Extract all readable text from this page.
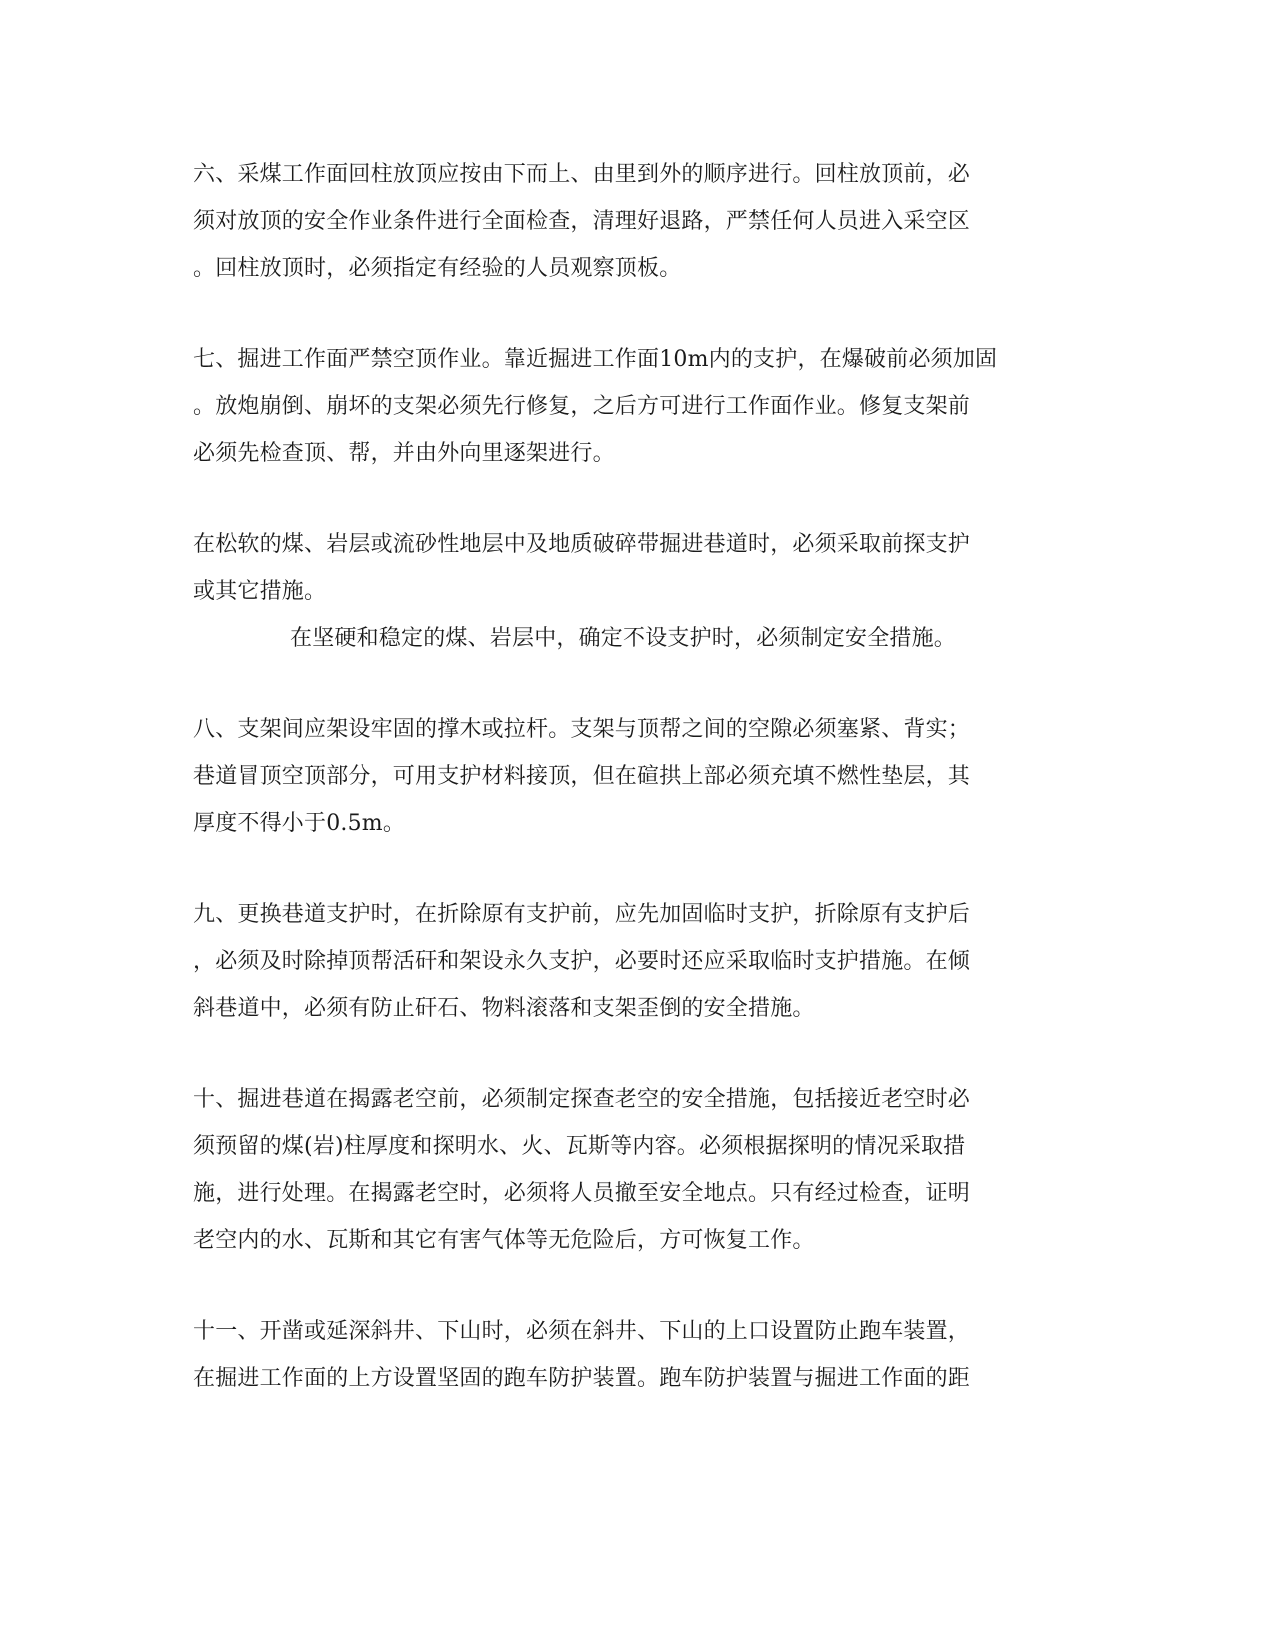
六、采煤工作面回柱放顶应按由下而上、由里到外的顺序进行。回柱放顶前，必
须对放顶的安全作业条件进行全面检查，清理好退路，严禁任何人员进入采空区
。回柱放顶时，必须指定有经验的人员观察顶板。
七、掘进工作面严禁空顶作业。靠近掘进工作面10m内的支护，在爆破前必须加固
。放炮崩倒、崩坏的支架必须先行修复，之后方可进行工作面作业。修复支架前
必须先检查顶、帮，并由外向里逐架进行。
在松软的煤、岩层或流砂性地层中及地质破碎带掘进巷道时，必须采取前探支护
或其它措施。
在坚硬和稳定的煤、岩层中，确定不设支护时，必须制定安全措施。
八、支架间应架设牢固的撑木或拉杆。支架与顶帮之间的空隙必须塞紧、背实；
巷道冒顶空顶部分，可用支护材料接顶，但在碹拱上部必须充填不燃性垫层，其
厚度不得小于0.5m。
九、更换巷道支护时，在折除原有支护前，应先加固临时支护，折除原有支护后
，必须及时除掉顶帮活矸和架设永久支护，必要时还应采取临时支护措施。在倾
斜巷道中，必须有防止矸石、物料滚落和支架歪倒的安全措施。
十、掘进巷道在揭露老空前，必须制定探查老空的安全措施，包括接近老空时必
须预留的煤(岩)柱厚度和探明水、火、瓦斯等内容。必须根据探明的情况采取措
施，进行处理。在揭露老空时，必须将人员撤至安全地点。只有经过检查，证明
老空内的水、瓦斯和其它有害气体等无危险后，方可恢复工作。
十一、开凿或延深斜井、下山时，必须在斜井、下山的上口设置防止跑车装置，
在掘进工作面的上方设置坚固的跑车防护装置。跑车防护装置与掘进工作面的距
